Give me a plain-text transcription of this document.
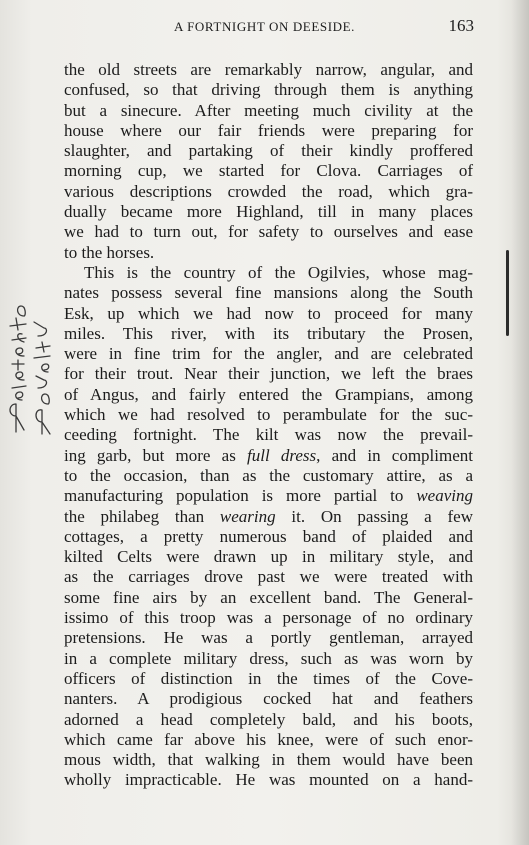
A FORTNIGHT ON DEESIDE.	163
the old streets are remarkably narrow, angular, and
confused, so that driving through them is anything
but a sinecure. After meeting much civility at the
house where our fair friends were preparing for
slaughter, and partaking of their kindly proffered
morning cup, we started for Clova. Carriages of
various descriptions crowded the road, which gra-
dually became more Highland, till in many places
we had to turn out, for safety to ourselves and ease
to the horses.
This is the country of the Ogilvies, whose mag-
nates possess several fine mansions along the South
Esk, up which we had now to proceed for many
miles. This river, with its tributary the Prosen,
were in fine trim for the angler, and are celebrated
for their trout. Near their junction, we left the braes
of Angus, and fairly entered the Grampians, among
which we had resolved to perambulate for the suc-
ceeding fortnight. The kilt was now the prevail-
ing garb, but more as full dress, and in compliment
to the occasion, than as the customary attire, as a
manufacturing population is more partial to weaving
the philabeg than wearing it. On passing a few
cottages, a pretty numerous band of plaided and
kilted Celts were drawn up in military style, and
as the carriages drove past we were treated with
some fine airs by an excellent band. The General-
issimo of this troop was a personage of no ordinary
pretensions. He was a portly gentleman, arrayed
in a complete military dress, such as was worn by
officers of distinction in the times of the Cove-
nanters. A prodigious cocked hat and feathers
adorned a head completely bald, and his boots,
which came far above his knee, were of such enor-
mous width, that walking in them would have been
wholly impracticable. He was mounted on a hand-
